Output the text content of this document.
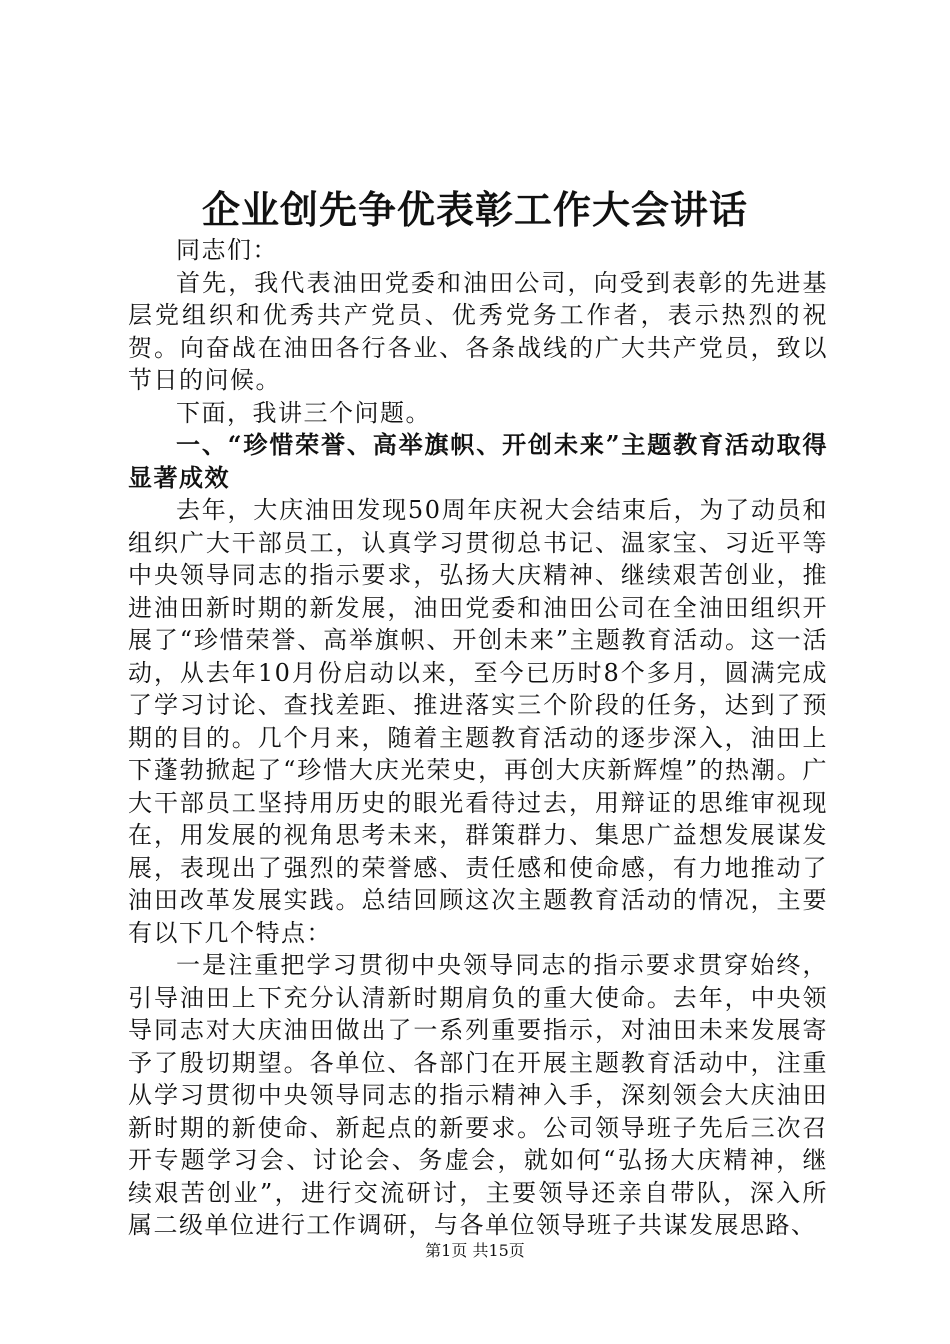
企业创先争优表彰工作大会讲话

同志们：

首先，我代表油田党委和油田公司，向受到表彰的先进基层党组织和优秀共产党员、优秀党务工作者，表示热烈的祝贺。向奋战在油田各行各业、各条战线的广大共产党员，致以节日的问候。

下面，我讲三个问题。

一、“珍惜荣誉、高举旗帜、开创未来”主题教育活动取得显著成效

去年，大庆油田发现50周年庆祝大会结束后，为了动员和组织广大干部员工，认真学习贯彻总书记、温家宝、习近平等中央领导同志的指示要求，弘扬大庆精神、继续艰苦创业，推进油田新时期的新发展，油田党委和油田公司在全油田组织开展了“珍惜荣誉、高举旗帜、开创未来”主题教育活动。这一活动，从去年10月份启动以来，至今已历时8个多月，圆满完成了学习讨论、查找差距、推进落实三个阶段的任务，达到了预期的目的。几个月来，随着主题教育活动的逐步深入，油田上下蓬勃掀起了“珍惜大庆光荣史，再创大庆新辉煌”的热潮。广大干部员工坚持用历史的眼光看待过去，用辩证的思维审视现在，用发展的视角思考未来，群策群力、集思广益想发展谋发展，表现出了强烈的荣誉感、责任感和使命感，有力地推动了油田改革发展实践。总结回顾这次主题教育活动的情况，主要有以下几个特点：

一是注重把学习贯彻中央领导同志的指示要求贯穿始终，引导油田上下充分认清新时期肩负的重大使命。去年，中央领导同志对大庆油田做出了一系列重要指示，对油田未来发展寄予了殷切期望。各单位、各部门在开展主题教育活动中，注重从学习贯彻中央领导同志的指示精神入手，深刻领会大庆油田新时期的新使命、新起点的新要求。公司领导班子先后三次召开专题学习会、讨论会、务虚会，就如何“弘扬大庆精神，继续艰苦创业”，进行交流研讨，主要领导还亲自带队，深入所属二级单位进行工作调研，与各单位领导班子共谋发展思路、

第1页 共15页
